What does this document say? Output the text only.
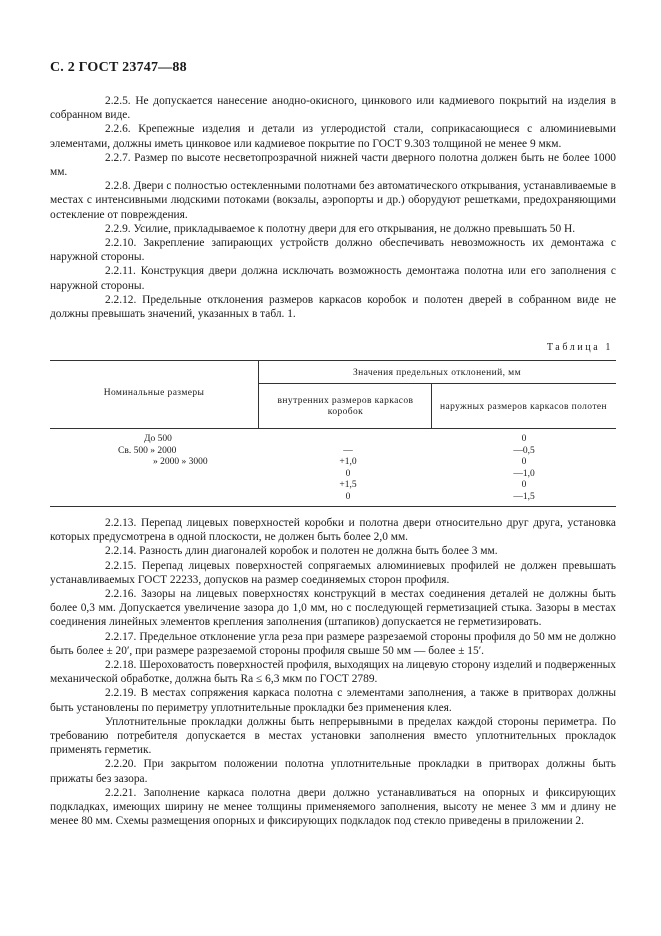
С. 2 ГОСТ 23747—88

2.2.5. Не допускается нанесение анодно-окисного, цинкового или кадмиевого покрытий на изделия в собранном виде.

2.2.6. Крепежные изделия и детали из углеродистой стали, соприкасающиеся с алюминиевыми элементами, должны иметь цинковое или кадмиевое покрытие по ГОСТ 9.303 толщиной не менее 9 мкм.

2.2.7. Размер по высоте несветопрозрачной нижней части дверного полотна должен быть не более 1000 мм.

2.2.8. Двери с полностью остекленными полотнами без автоматического открывания, устанавливаемые в местах с интенсивными людскими потоками (вокзалы, аэропорты и др.) оборудуют решетками, предохраняющими остекление от повреждения.

2.2.9. Усилие, прикладываемое к полотну двери для его открывания, не должно превышать 50 Н.

2.2.10. Закрепление запирающих устройств должно обеспечивать невозможность их демонтажа с наружной стороны.

2.2.11. Конструкция двери должна исключать возможность демонтажа полотна или его заполнения с наружной стороны.

2.2.12. Предельные отклонения размеров каркасов коробок и полотен дверей в собранном виде не должны превышать значений, указанных в табл. 1.

Таблица 1
Номинальные размеры
Значения предельных отклонений, мм
внутренних размеров каркасов коробок	наружных размеров каркасов полотен
До 500
Св. 500 » 2000
» 2000 » 3000

—
+1,0
0
+1,5
0
0
—0,5
0
—1,0
0
—1,5

2.2.13. Перепад лицевых поверхностей коробки и полотна двери относительно друг друга, установка которых предусмотрена в одной плоскости, не должен быть более 2,0 мм.

2.2.14. Разность длин диагоналей коробок и полотен не должна быть более 3 мм.

2.2.15. Перепад лицевых поверхностей сопрягаемых алюминиевых профилей не должен превышать устанавливаемых ГОСТ 22233, допусков на размер соединяемых сторон профиля.

2.2.16. Зазоры на лицевых поверхностях конструкций в местах соединения деталей не должны быть более 0,3 мм. Допускается увеличение зазора до 1,0 мм, но с последующей герметизацией стыка. Зазоры в местах соединения линейных элементов крепления заполнения (штапиков) допускается не герметизировать.

2.2.17. Предельное отклонение угла реза при размере разрезаемой стороны профиля до 50 мм не должно быть более ± 20′, при размере разрезаемой стороны профиля свыше 50 мм — более ± 15′.

2.2.18. Шероховатость поверхностей профиля, выходящих на лицевую сторону изделий и подверженных механической обработке, должна быть Ra ≤ 6,3 мкм по ГОСТ 2789.

2.2.19. В местах сопряжения каркаса полотна с элементами заполнения, а также в притворах должны быть установлены по периметру уплотнительные прокладки без применения клея.

Уплотнительные прокладки должны быть непрерывными в пределах каждой стороны периметра. По требованию потребителя допускается в местах установки заполнения вместо уплотнительных прокладок применять герметик.

2.2.20. При закрытом положении полотна уплотнительные прокладки в притворах должны быть прижаты без зазора.

2.2.21. Заполнение каркаса полотна двери должно устанавливаться на опорных и фиксирующих подкладках, имеющих ширину не менее толщины применяемого заполнения, высоту не менее 3 мм и длину не менее 80 мм. Схемы размещения опорных и фиксирующих подкладок под стекло приведены в приложении 2.
